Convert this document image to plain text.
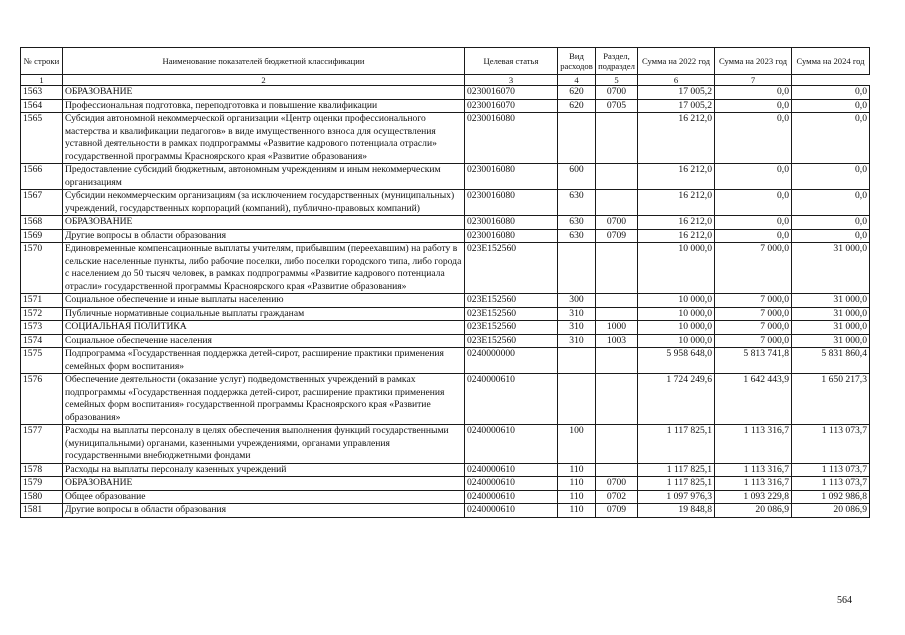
№ строки	Наименование показателей бюджетной классификации	Целевая статья	Вид расходов	Раздел, подраздел	Сумма на 2022 год	Сумма на 2023 год	Сумма на 2024 год
1	2	3	4	5	6	7	
1563	ОБРАЗОВАНИЕ	0230016070	620	0700	17 005,2	0,0	0,0
1564	Профессиональная подготовка, переподготовка и повышение квалификации	0230016070	620	0705	17 005,2	0,0	0,0
1565	Субсидия автономной некоммерческой организации «Центр оценки профессионального мастерства и квалификации педагогов» в виде имущественного взноса для осуществления уставной деятельности в рамках подпрограммы «Развитие кадрового потенциала отрасли» государственной программы Красноярского края «Развитие образования»	0230016080			16 212,0	0,0	0,0
1566	Предоставление субсидий бюджетным, автономным учреждениям и иным некоммерческим организациям	0230016080	600		16 212,0	0,0	0,0
1567	Субсидии некоммерческим организациям (за исключением государственных (муниципальных) учреждений, государственных корпораций (компаний), публично-правовых компаний)	0230016080	630		16 212,0	0,0	0,0
1568	ОБРАЗОВАНИЕ	0230016080	630	0700	16 212,0	0,0	0,0
1569	Другие вопросы в области образования	0230016080	630	0709	16 212,0	0,0	0,0
1570	Единовременные компенсационные выплаты учителям, прибывшим (переехавшим) на работу в сельские населенные пункты, либо рабочие поселки, либо поселки городского типа, либо города с населением до 50 тысяч человек, в рамках подпрограммы «Развитие кадрового потенциала отрасли» государственной программы Красноярского края «Развитие образования»	023E152560			10 000,0	7 000,0	31 000,0
1571	Социальное обеспечение и иные выплаты населению	023E152560	300		10 000,0	7 000,0	31 000,0
1572	Публичные нормативные социальные выплаты гражданам	023E152560	310		10 000,0	7 000,0	31 000,0
1573	СОЦИАЛЬНАЯ ПОЛИТИКА	023E152560	310	1000	10 000,0	7 000,0	31 000,0
1574	Социальное обеспечение населения	023E152560	310	1003	10 000,0	7 000,0	31 000,0
1575	Подпрограмма «Государственная поддержка детей-сирот, расширение практики применения семейных форм воспитания»	0240000000			5 958 648,0	5 813 741,8	5 831 860,4
1576	Обеспечение деятельности (оказание услуг) подведомственных учреждений в рамках подпрограммы «Государственная поддержка детей-сирот, расширение практики применения семейных форм воспитания» государственной программы Красноярского края «Развитие образования»	0240000610			1 724 249,6	1 642 443,9	1 650 217,3
1577	Расходы на выплаты персоналу в целях обеспечения выполнения функций государственными (муниципальными) органами, казенными учреждениями, органами управления государственными внебюджетными фондами	0240000610	100		1 117 825,1	1 113 316,7	1 113 073,7
1578	Расходы на выплаты персоналу казенных учреждений	0240000610	110		1 117 825,1	1 113 316,7	1 113 073,7
1579	ОБРАЗОВАНИЕ	0240000610	110	0700	1 117 825,1	1 113 316,7	1 113 073,7
1580	Общее образование	0240000610	110	0702	1 097 976,3	1 093 229,8	1 092 986,8
1581	Другие вопросы в области образования	0240000610	110	0709	19 848,8	20 086,9	20 086,9
564
